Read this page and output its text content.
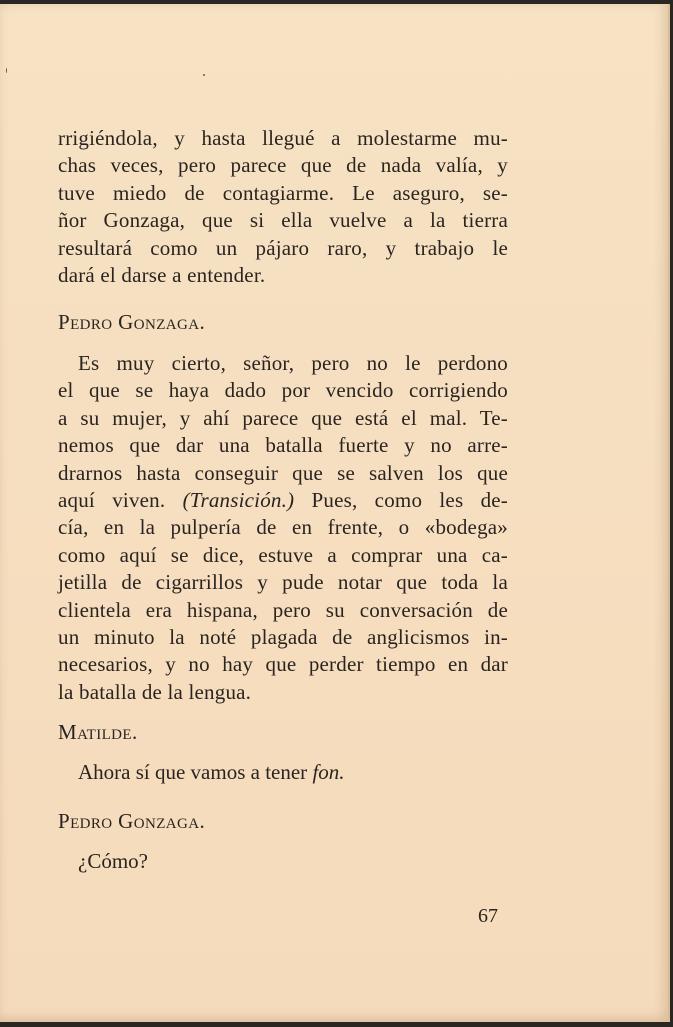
rrigiéndola, y hasta llegué a molestarme mu-
chas veces, pero parece que de nada valía, y
tuve miedo de contagiarme. Le aseguro, se-
ñor Gonzaga, que si ella vuelve a la tierra
resultará como un pájaro raro, y trabajo le
dará el darse a entender.
Pedro Gonzaga.
Es muy cierto, señor, pero no le perdono
el que se haya dado por vencido corrigiendo
a su mujer, y ahí parece que está el mal. Te-
nemos que dar una batalla fuerte y no arre-
drarnos hasta conseguir que se salven los que
aquí viven. (Transición.) Pues, como les de-
cía, en la pulpería de en frente, o «bodega»
como aquí se dice, estuve a comprar una ca-
jetilla de cigarrillos y pude notar que toda la
clientela era hispana, pero su conversación de
un minuto la noté plagada de anglicismos in-
necesarios, y no hay que perder tiempo en dar
la batalla de la lengua.
Matilde.
Ahora sí que vamos a tener fon.
Pedro Gonzaga.
¿Cómo?
67
